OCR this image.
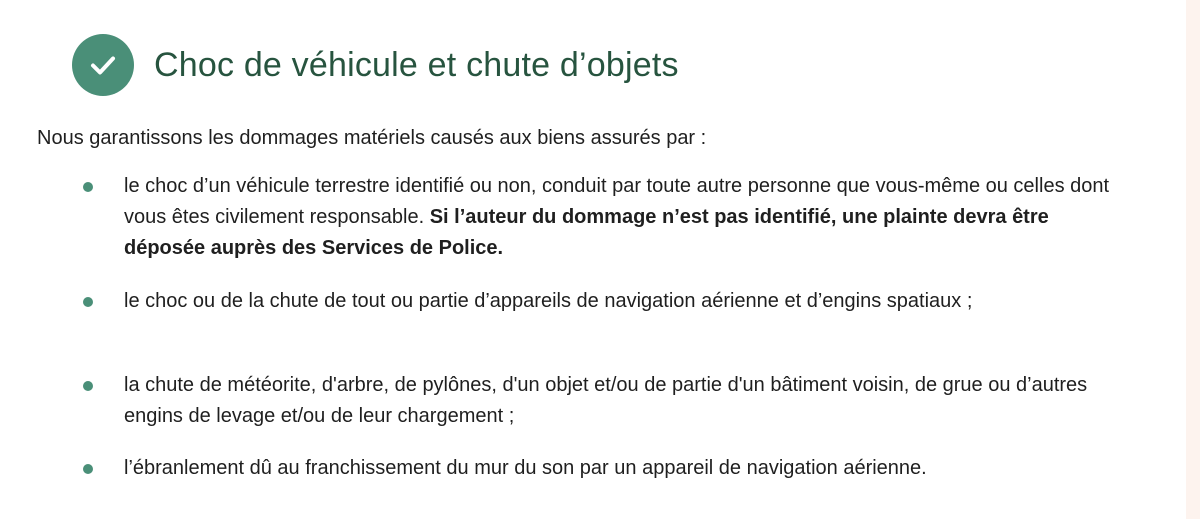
Choc de véhicule et chute d’objets

Nous garantissons les dommages matériels causés aux biens assurés par :

le choc d’un véhicule terrestre identifié ou non, conduit par toute autre personne que vous-même ou celles dont vous êtes civilement responsable. Si l’auteur du dommage n’est pas identifié, une plainte devra être déposée auprès des Services de Police.

le choc ou de la chute de tout ou partie d’appareils de navigation aérienne et d’engins spatiaux ;

la chute de météorite, d'arbre, de pylônes, d'un objet et/ou de partie d'un bâtiment voisin, de grue ou d’autres engins de levage et/ou de leur chargement ;

l’ébranlement dû au franchissement du mur du son par un appareil de navigation aérienne.
